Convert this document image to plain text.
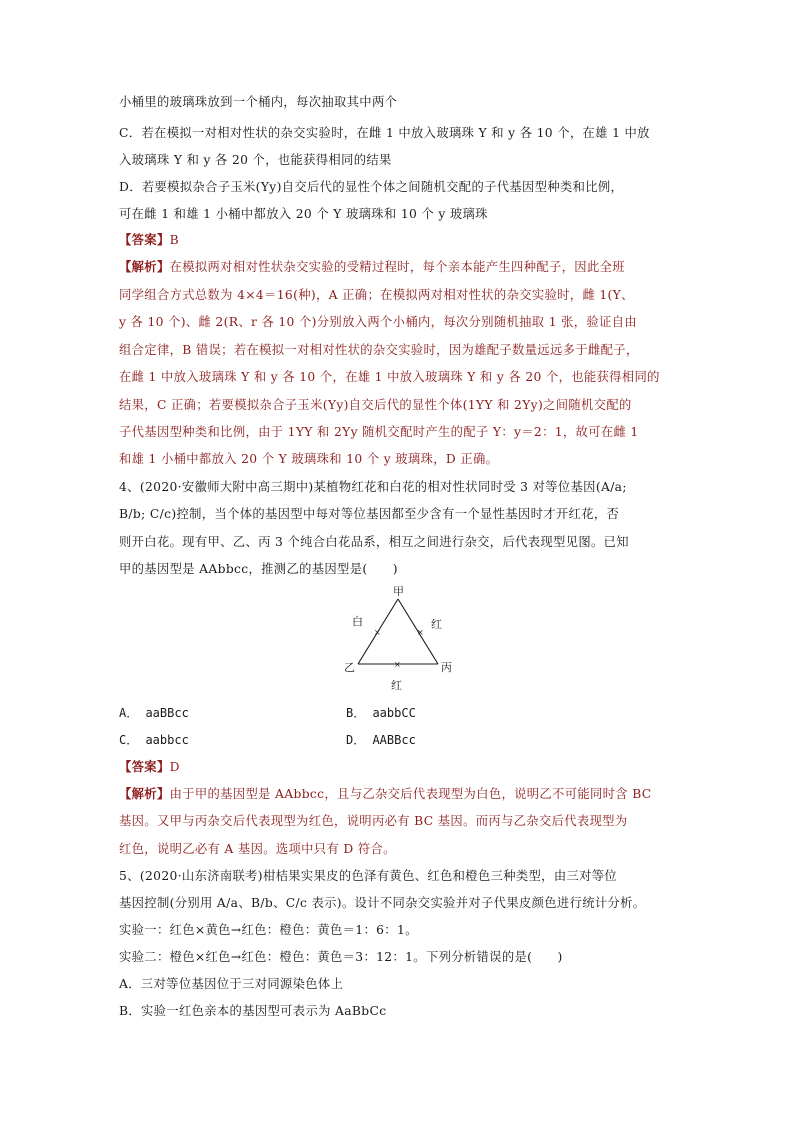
小桶里的玻璃珠放到一个桶内，每次抽取其中两个
C．若在模拟一对相对性状的杂交实验时，在雌 1 中放入玻璃珠 Y 和 y 各 10 个，在雄 1 中放
入玻璃珠 Y 和 y 各 20 个，也能获得相同的结果
D．若要模拟杂合子玉米(Yy)自交后代的显性个体之间随机交配的子代基因型种类和比例，
可在雌 1 和雄 1 小桶中都放入 20 个 Y 玻璃珠和 10 个 y 玻璃珠
【答案】B
【解析】在模拟两对相对性状杂交实验的受精过程时，每个亲本能产生四种配子，因此全班
同学组合方式总数为 4×4＝16(种)，A 正确；在模拟两对相对性状的杂交实验时，雌 1(Y、
y 各 10 个)、雌 2(R、r 各 10 个)分别放入两个小桶内，每次分别随机抽取 1 张，验证自由
组合定律，B 错误；若在模拟一对相对性状的杂交实验时，因为雄配子数量远远多于雌配子，
在雌 1 中放入玻璃珠 Y 和 y 各 10 个，在雄 1 中放入玻璃珠 Y 和 y 各 20 个，也能获得相同的
结果，C 正确；若要模拟杂合子玉米(Yy)自交后代的显性个体(1YY 和 2Yy)之间随机交配的
子代基因型种类和比例，由于 1YY 和 2Yy 随机交配时产生的配子 Y：y＝2：1，故可在雌 1
和雄 1 小桶中都放入 20 个 Y 玻璃珠和 10 个 y 玻璃珠，D 正确。
4、(2020·安徽师大附中高三期中)某植物红花和白花的相对性状同时受 3 对等位基因(A/a;
B/b; C/c)控制，当个体的基因型中每对等位基因都至少含有一个显性基因时才开红花，否
则开白花。现有甲、乙、丙 3 个纯合白花品系，相互之间进行杂交，后代表现型见图。已知
甲的基因型是 AAbbcc，推测乙的基因型是(　　)
甲
乙	丙
白	红
红
×	×
×
A． aaBBcc	B． aabbCC
C． aabbcc	D． AABBcc
【答案】D
【解析】由于甲的基因型是 AAbbcc，且与乙杂交后代表现型为白色，说明乙不可能同时含 BC
基因。又甲与丙杂交后代表现型为红色，说明丙必有 BC 基因。而丙与乙杂交后代表现型为
红色，说明乙必有 A 基因。选项中只有 D 符合。
5、(2020·山东济南联考)柑桔果实果皮的色泽有黄色、红色和橙色三种类型，由三对等位
基因控制(分别用 A/a、B/b、C/c 表示)。设计不同杂交实验并对子代果皮颜色进行统计分析。
实验一：红色×黄色→红色：橙色：黄色＝1：6：1。
实验二：橙色×红色→红色：橙色：黄色＝3：12：1。下列分析错误的是(　　)
A．三对等位基因位于三对同源染色体上
B．实验一红色亲本的基因型可表示为 AaBbCc
